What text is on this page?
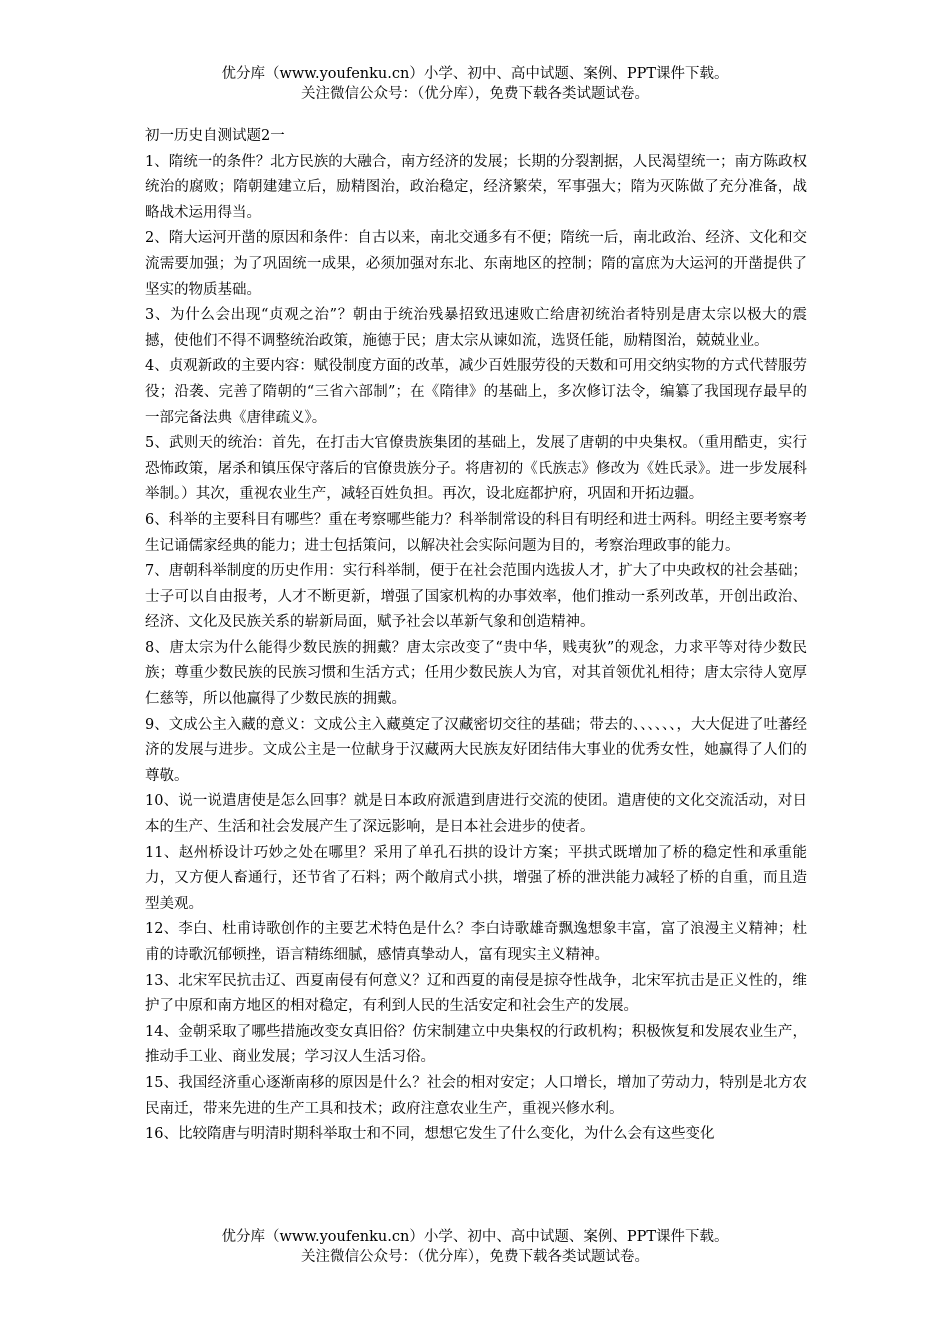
优分库（www.youfenku.cn）小学、初中、高中试题、案例、PPT课件下载。
关注微信公众号：（优分库），免费下载各类试题试卷。

初一历史自测试题2一

1、隋统一的条件？北方民族的大融合，南方经济的发展；长期的分裂割据，人民渴望统一；南方陈政权统治的腐败；隋朝建建立后，励精图治，政治稳定，经济繁荣，军事强大；隋为灭陈做了充分准备，战略战术运用得当。

2、隋大运河开凿的原因和条件：自古以来，南北交通多有不便；隋统一后，南北政治、经济、文化和交流需要加强；为了巩固统一成果，必须加强对东北、东南地区的控制；隋的富庶为大运河的开凿提供了坚实的物质基础。

3、为什么会出现“贞观之治”？朝由于统治残暴招致迅速败亡给唐初统治者特别是唐太宗以极大的震撼，使他们不得不调整统治政策，施德于民；唐太宗从谏如流，选贤任能，励精图治，兢兢业业。

4、贞观新政的主要内容：赋役制度方面的改革，减少百姓服劳役的天数和可用交纳实物的方式代替服劳役；沿袭、完善了隋朝的“三省六部制”；在《隋律》的基础上，多次修订法令，编纂了我国现存最早的一部完备法典《唐律疏义》。

5、武则天的统治：首先，在打击大官僚贵族集团的基础上，发展了唐朝的中央集权。（重用酷吏，实行恐怖政策，屠杀和镇压保守落后的官僚贵族分子。将唐初的《氏族志》修改为《姓氏录》。进一步发展科举制。）其次，重视农业生产，减轻百姓负担。再次，设北庭都护府，巩固和开拓边疆。

6、科举的主要科目有哪些？重在考察哪些能力？科举制常设的科目有明经和进士两科。明经主要考察考生记诵儒家经典的能力；进士包括策问，以解决社会实际问题为目的，考察治理政事的能力。

7、唐朝科举制度的历史作用：实行科举制，便于在社会范围内选拔人才，扩大了中央政权的社会基础；士子可以自由报考，人才不断更新，增强了国家机构的办事效率，他们推动一系列改革，开创出政治、经济、文化及民族关系的崭新局面，赋予社会以革新气象和创造精神。

8、唐太宗为什么能得少数民族的拥戴？唐太宗改变了“贵中华，贱夷狄”的观念，力求平等对待少数民族；尊重少数民族的民族习惯和生活方式；任用少数民族人为官，对其首领优礼相待；唐太宗待人宽厚仁慈等，所以他赢得了少数民族的拥戴。

9、文成公主入藏的意义：文成公主入藏奠定了汉藏密切交往的基础；带去的、、、、、、，大大促进了吐蕃经济的发展与进步。文成公主是一位献身于汉藏两大民族友好团结伟大事业的优秀女性，她赢得了人们的尊敬。

10、说一说遣唐使是怎么回事？就是日本政府派遣到唐进行交流的使团。遣唐使的文化交流活动，对日本的生产、生活和社会发展产生了深远影响，是日本社会进步的使者。

11、赵州桥设计巧妙之处在哪里？采用了单孔石拱的设计方案；平拱式既增加了桥的稳定性和承重能力，又方便人畜通行，还节省了石料；两个敞肩式小拱，增强了桥的泄洪能力减轻了桥的自重，而且造型美观。

12、李白、杜甫诗歌创作的主要艺术特色是什么？李白诗歌雄奇飘逸想象丰富，富了浪漫主义精神；杜甫的诗歌沉郁顿挫，语言精练细腻，感情真挚动人，富有现实主义精神。

13、北宋军民抗击辽、西夏南侵有何意义？辽和西夏的南侵是掠夺性战争，北宋军抗击是正义性的，维护了中原和南方地区的相对稳定，有利到人民的生活安定和社会生产的发展。

14、金朝采取了哪些措施改变女真旧俗？仿宋制建立中央集权的行政机构；积极恢复和发展农业生产，推动手工业、商业发展；学习汉人生活习俗。

15、我国经济重心逐渐南移的原因是什么？社会的相对安定；人口增长，增加了劳动力，特别是北方农民南迁，带来先进的生产工具和技术；政府注意农业生产，重视兴修水利。

16、比较隋唐与明清时期科举取士和不同，想想它发生了什么变化，为什么会有这些变化

优分库（www.youfenku.cn）小学、初中、高中试题、案例、PPT课件下载。
关注微信公众号：（优分库），免费下载各类试题试卷。
